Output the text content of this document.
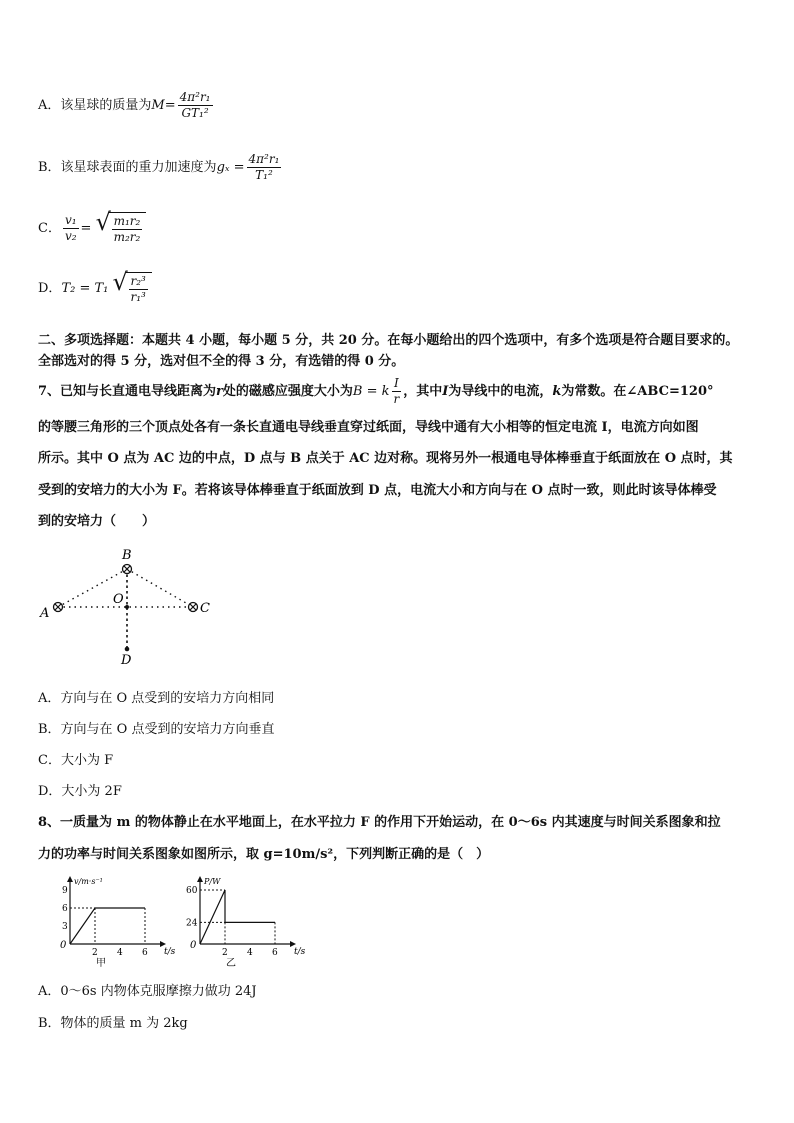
A．该星球的质量为$M= \frac{\text{4π²r₁}}{\text{GT₁²}}$
B．该星球表面的重力加速度为$g_x = \frac{\text{4π²r₁}}{\text{T₁²}}$
C． $\frac{\text{v₁}}{\text{v₂}}$ = √ $\frac{\text{m₁r₂}}{\text{m₂r₂}}$
D．T₂ = T₁ √ $\frac{\text{r₂³}}{\text{r₁³}}$
二、多项选择题：本题共 4 小题，每小题 5 分，共 20 分。在每小题给出的四个选项中，有多个选项是符合题目要求的。
全部选对的得 5 分，选对但不全的得 3 分，有选错的得 0 分。
7、已知与长直通电导线距离为r处的磁感应强度大小为B = k $\frac{I}{r}$ ，其中I为导线中的电流，k为常数。在∠ABC=120°
的等腰三角形的三个顶点处各有一条长直通电导线垂直穿过纸面，导线中通有大小相等的恒定电流 I，电流方向如图
所示。其中 O 点为 AC 边的中点，D 点与 B 点关于 AC 边对称。现将另外一根通电导体棒垂直于纸面放在 O 点时，其
受到的安培力的大小为 F。若将该导体棒垂直于纸面放到 D 点，电流大小和方向与在 O 点时一致，则此时该导体棒受
到的安培力（　　）
A
B
C
O
D
A．方向与在 O 点受到的安培力方向相同
B．方向与在 O 点受到的安培力方向垂直
C．大小为 F
D．大小为 2F
8、一质量为 m 的物体静止在水平地面上，在水平拉力 F 的作用下开始运动，在 0～6s 内其速度与时间关系图象和拉
力的功率与时间关系图象如图所示，取 g=10m/s²，下列判断正确的是（　）
v/m·s⁻¹
t/s
0
2 4 6
3
6
9
甲
P/W
t/s
0
2 4 6
24
60
乙
A．0～6s 内物体克服摩擦力做功 24J
B．物体的质量 m 为 2kg
